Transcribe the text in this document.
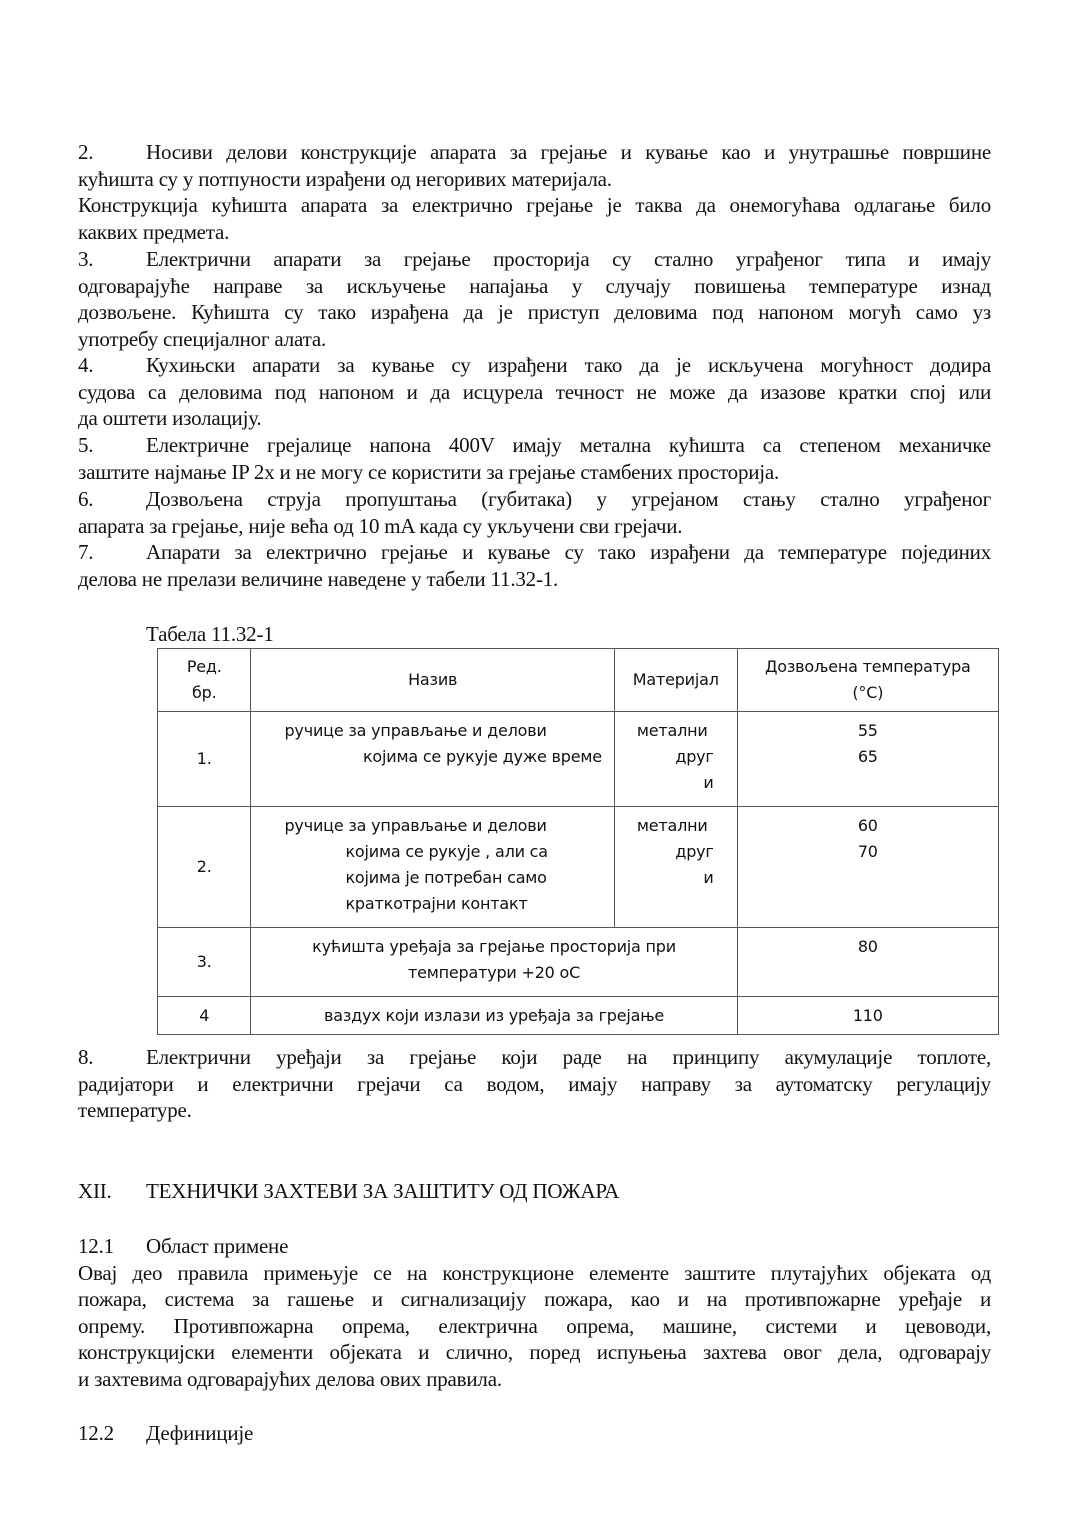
2.	Носиви делови конструкције апарата за грејање и кување као и унутрашње површине
кућишта су у потпуности израђени од негоривих материјала.
Конструкција кућишта апарата за електрично грејање је таква да онемогућава одлагање било
каквих предмета.
3.	Електрични апарати за грејање просторија су стално уграђеног типа и имају
одговарајуће направе за искључење напајања у случају повишења температуре изнад
дозвољене. Кућишта су тако израђена да је приступ деловима под напоном могућ само уз
употребу специјалног алата.
4.	Кухињски апарати за кување су израђени тако да је искључена могућност додира
судова са деловима под напоном и да исцурела течност не може да изазове кратки спој или
да оштети изолацију.
5.	Електричне грејалице напона 400V имају метална кућишта са степеном механичке
заштите најмање IP 2x и не могу се користити за грејање стамбених просторија.
6.	Дозвољена струја пропуштања (губитака) у угрејаном стању стално уграђеног
апарата за грејање, није већа од 10 mA када су укључени сви грејачи.
7.	Апарати за електрично грејање и кување су тако израђени да температуре појединих
делова не прелази величине наведене у табели 11.32-1.
Табела 11.32-1
Ред.
бр.	Назив	Материјал	Дозвољена температура
(°C)

1.	ручице за управљање и делови
којима се рукује дуже време	метални
друг
и	55
65

2.	ручице за управљање и делови
којима се рукује , али са
којима је потребан само
краткотрајни контакт	метални
друг
и	60
70

3.	кућишта уређаја за грејање просторија при
температури +20 оС		80

4	ваздух који излази из уређаја за грејање		110
8.	Електрични уређаји за грејање који раде на принципу акумулације топлоте,
радијатори и електрични грејачи са водом, имају направу за аутоматску регулацију
температуре.
XII. ТЕХНИЧКИ ЗАХТЕВИ ЗА ЗАШТИТУ ОД ПОЖАРА
12.1 Област примене
Овај део правила примењује се на конструкционе елементе заштите плутајућих објеката од
пожара, система за гашење и сигнализацију пожара, као и на противпожарне уређаје и
опрему. Противпожарна опрема, електрична опрема, машине, системи и цевоводи,
конструкцијски елементи објеката и слично, поред испуњења захтева овог дела, одговарају
и захтевима одговарајућих делова ових правила.
12.2 Дефиниције
